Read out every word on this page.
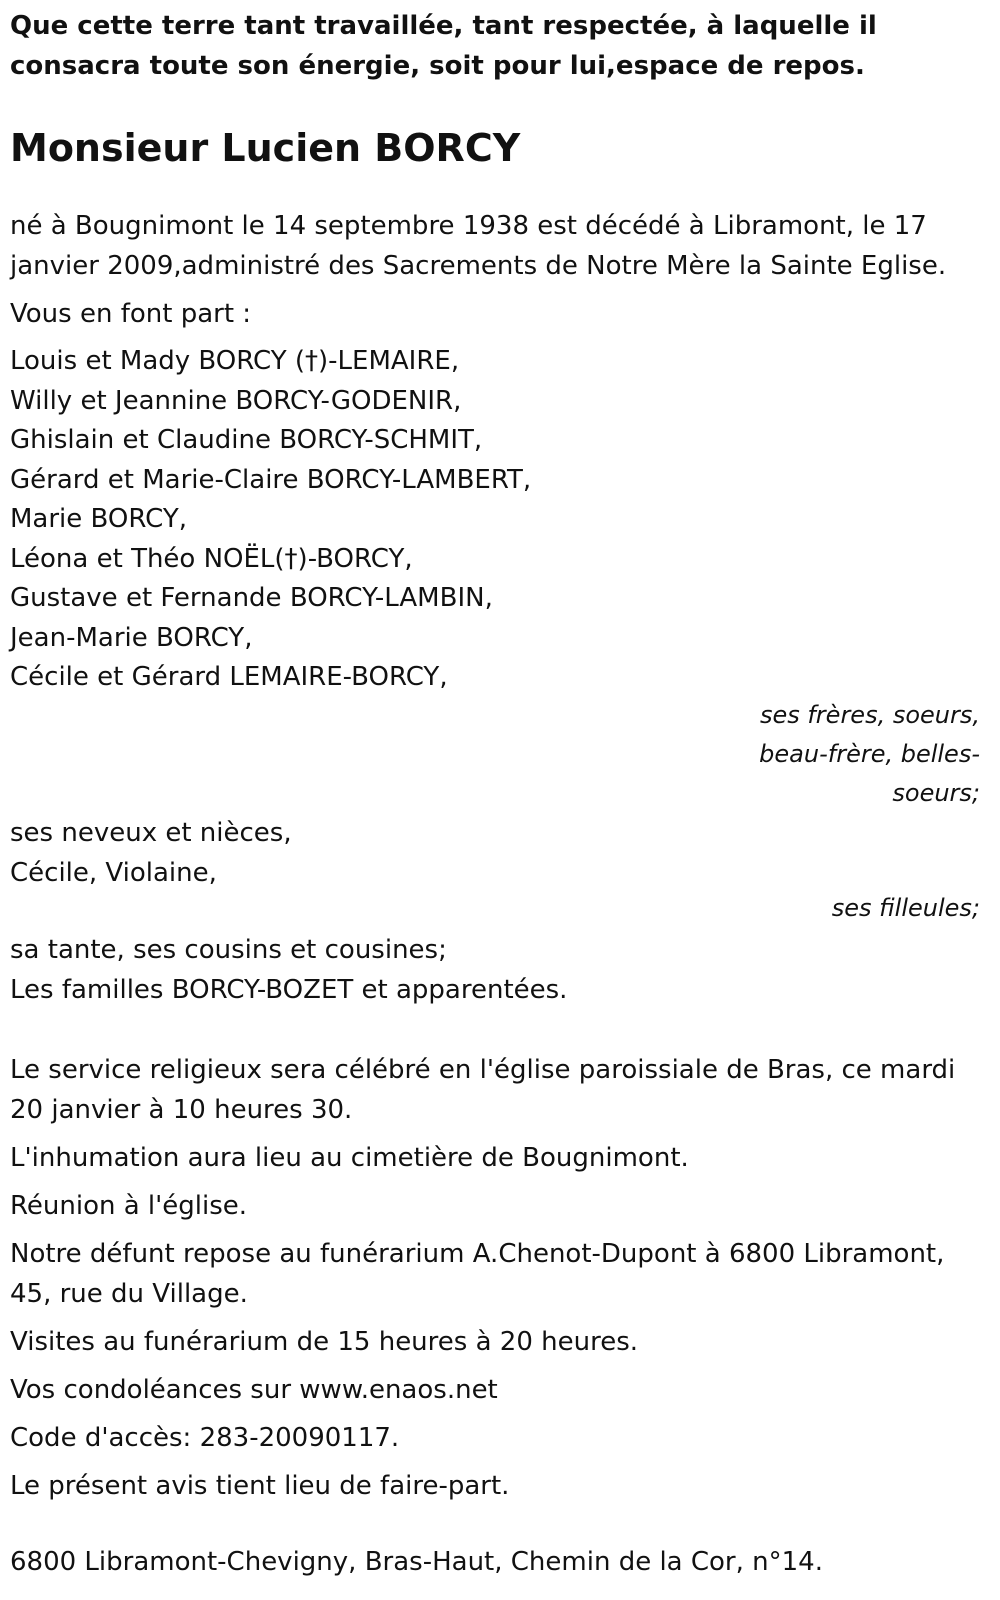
Que cette terre tant travaillée, tant respectée, à laquelle il consacra toute son énergie, soit pour lui,espace de repos.

Monsieur Lucien BORCY

né à Bougnimont le 14 septembre 1938 est décédé à Libramont, le 17 janvier 2009,administré des Sacrements de Notre Mère la Sainte Eglise.

Vous en font part :

Louis et Mady BORCY (†)-LEMAIRE,
Willy et Jeannine BORCY-GODENIR,
Ghislain et Claudine BORCY-SCHMIT,
Gérard et Marie-Claire BORCY-LAMBERT,
Marie BORCY,
Léona et Théo NOËL(†)-BORCY,
Gustave et Fernande BORCY-LAMBIN,
Jean-Marie BORCY,
Cécile et Gérard LEMAIRE-BORCY,
ses frères, soeurs, beau-frère, belles-soeurs;

ses neveux et nièces,

Cécile, Violaine,

ses filleules;

sa tante, ses cousins et cousines;

Les familles BORCY-BOZET et apparentées.

Le service religieux sera célébré en l'église paroissiale de Bras, ce mardi 20 janvier à 10 heures 30.

L'inhumation aura lieu au cimetière de Bougnimont.

Réunion à l'église.

Notre défunt repose au funérarium A.Chenot-Dupont à 6800 Libramont, 45, rue du Village.

Visites au funérarium de 15 heures à 20 heures.

Vos condoléances sur www.enaos.net

Code d'accès: 283-20090117.

Le présent avis tient lieu de faire-part.

6800 Libramont-Chevigny, Bras-Haut, Chemin de la Cor, n°14.
